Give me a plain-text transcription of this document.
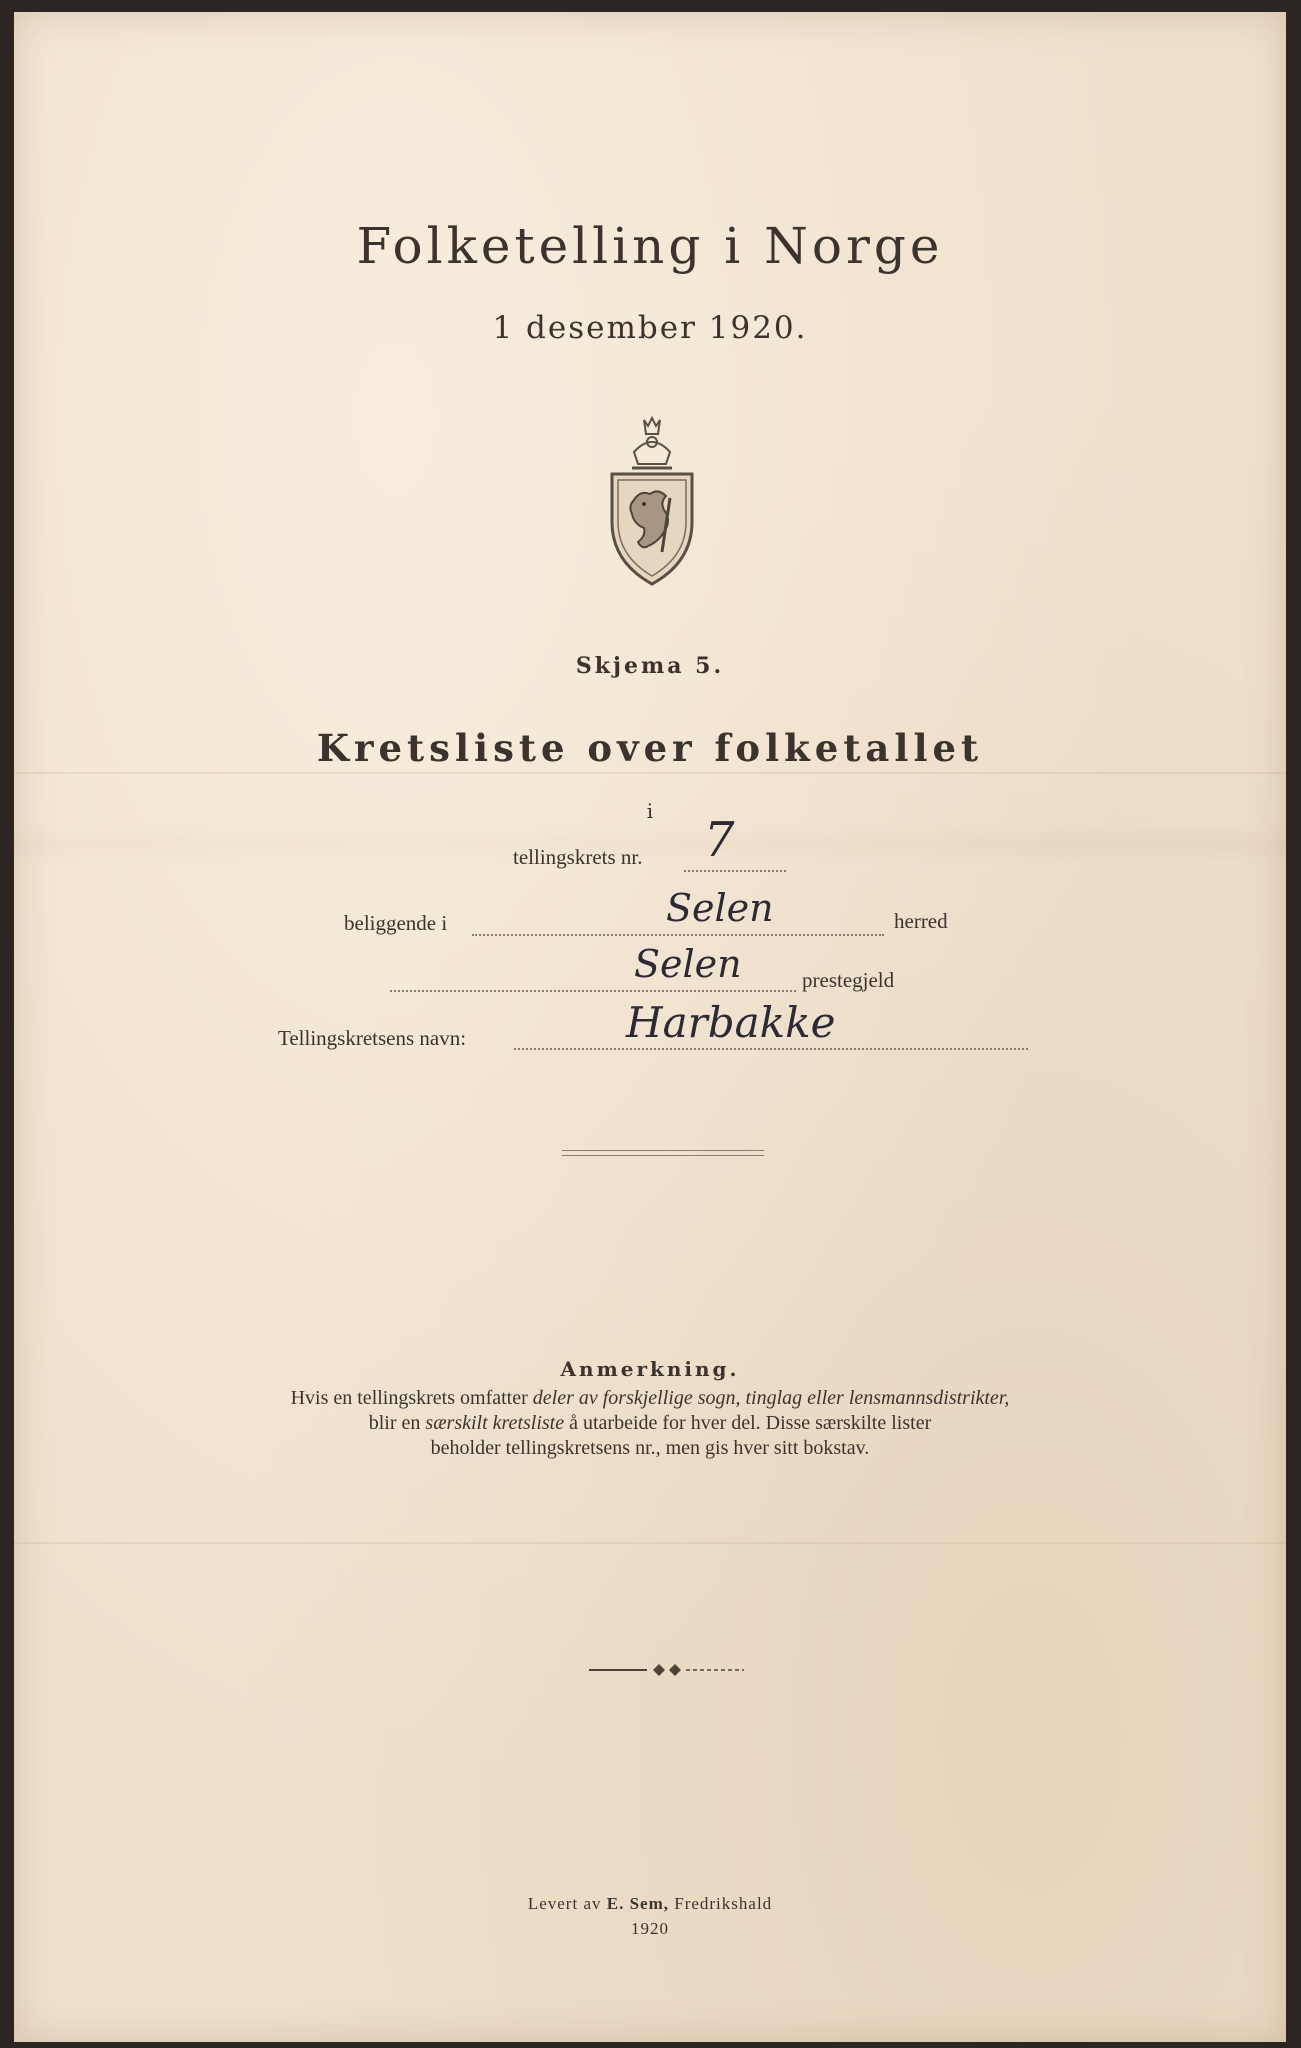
Folketelling i Norge
1 desember 1920.
Skjema 5.
Kretsliste over folketallet
i
tellingskrets nr. 7
beliggende i	Selen	herred
Selen	prestegjeld
Tellingskretsens navn:	Harbakke
Anmerkning.
Hvis en tellingskrets omfatter deler av forskjellige sogn, tinglag eller lensmannsdistrikter,
blir en særskilt kretsliste å utarbeide for hver del. Disse særskilte lister
beholder tellingskretsens nr., men gis hver sitt bokstav.
Levert av E. Sem, Fredrikshald
1920
